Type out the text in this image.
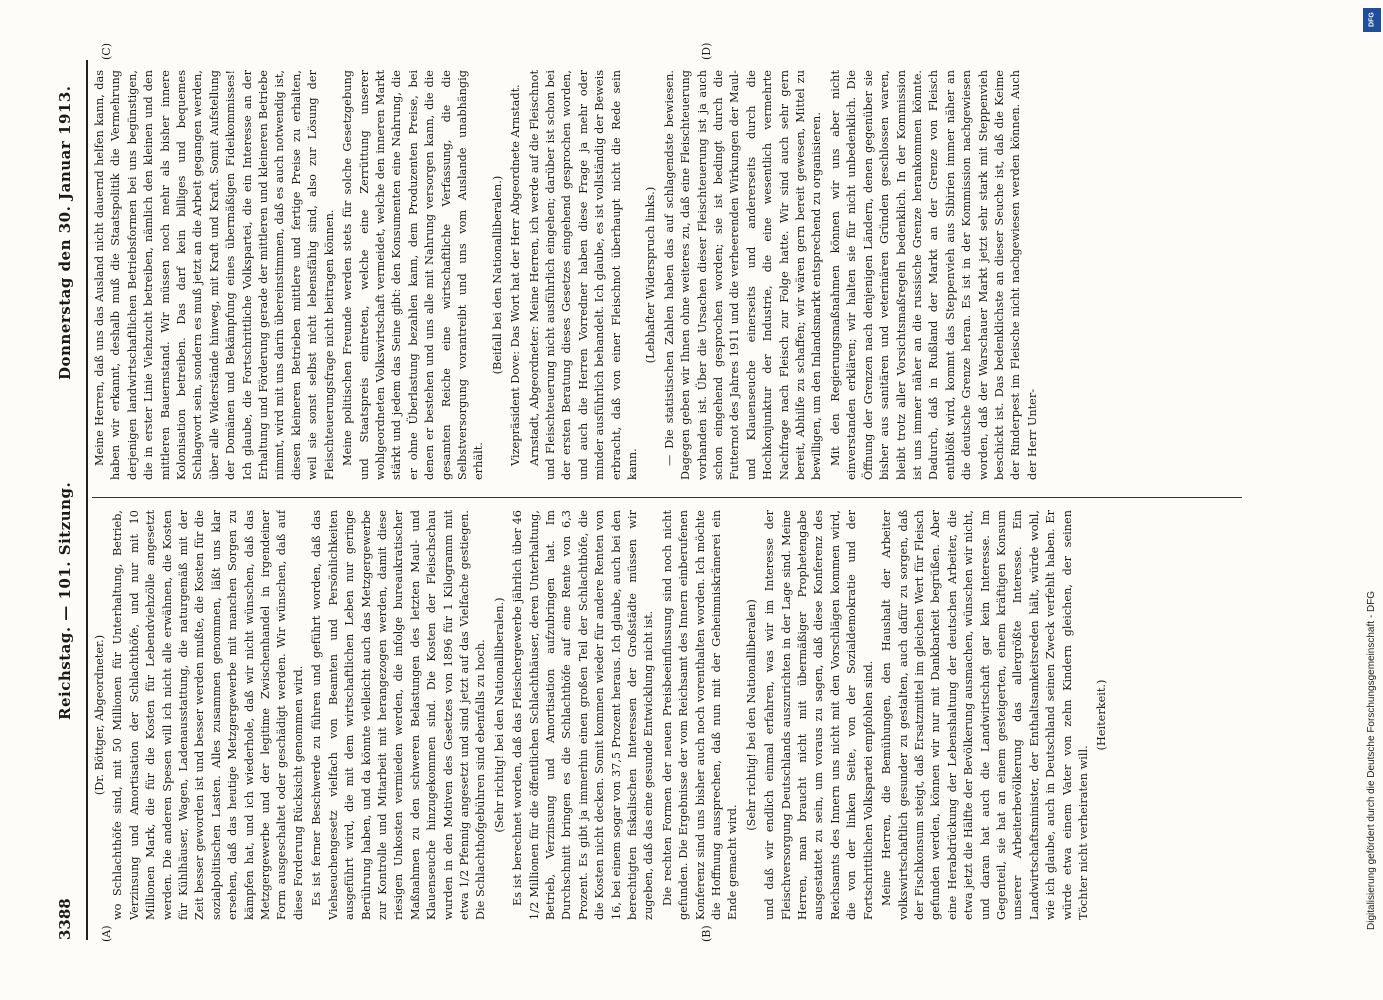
3388
Reichstag. — 101. Sitzung.
Donnerstag den 30. Januar 1913.
(A)	(B)
(C)	(D)

(Dr. Böttger, Abgeordneter.) wo Schlachthöfe sind, mit 50 Millionen für Unterhaltung, Betrieb, Verzinsung und Amortisation der Schlachthöfe, und nur mit 10 Millionen Mark, die für die Kosten für Lebendviehzölle angesetzt werden. Die anderen Spesen will ich nicht alle erwähnen, die Kosten für Kühlhäuser, Wagen, Ladenausstattung, die naturgemäß mit der Zeit besser geworden ist und besser werden mußte, die Kosten für die sozialpolitischen Lasten. Alles zusammen genommen, läßt uns klar ersehen, daß das heutige Metzgergewerbe mit manchen Sorgen zu kämpfen hat, und ich wiederhole, daß wir nicht wünschen, daß das Metzgergewerbe und der legitime Zwischenhandel in irgendeiner Form ausgeschaltet oder geschädigt werden. Wir wünschen, daß auf diese Forderung Rücksicht genommen wird. Es ist ferner Beschwerde zu führen und geführt worden, daß das Viehseuchengesetz vielfach von Beamten und Persönlichkeiten ausgeführt wird, die mit dem wirtschaftlichen Leben nur geringe Berührung haben, und da könnte vielleicht auch das Metzgergewerbe zur Kontrolle und Mitarbeit mit herangezogen werden, damit diese riesigen Unkosten vermieden werden, die infolge bureaukratischer Maßnahmen zu den schweren Belastungen des letzten Maul- und Klauenseuche hinzugekommen sind. Die Kosten der Fleischschau wurden in den Motiven des Gesetzes von 1896 für 1 Kilogramm mit etwa 1/2 Pfennig angesetzt und sind jetzt auf das Vielfache gestiegen. Die Schlachthofgebühren sind ebenfalls zu hoch. (Sehr richtig! bei den Nationalliberalen.) Es ist berechnet worden, daß das Fleischergewerbe jährlich über 46 1/2 Millionen für die öffentlichen Schlachthäuser, deren Unterhaltung, Betrieb, Verzinsung und Amortisation aufzubringen hat. Im Durchschnitt bringen es die Schlachthöfe auf eine Rente von 6,3 Prozent. Es gibt ja immerhin einen großen Teil der Schlachthöfe, die die Kosten nicht decken. Somit kommen wieder für andere Renten von 16, bei einem sogar von 37,5 Prozent heraus. Ich glaube, auch bei den berechtigten fiskalischen Interessen der Großstädte müssen wir zugeben, daß das eine gesunde Entwicklung nicht ist. Die rechten Formen der neuen Preisbeeinflussung sind noch nicht gefunden. Die Ergebnisse der vom Reichsamt des Innern einberufenen Konferenz sind uns bisher auch noch vorenthalten worden. Ich möchte die Hoffnung aussprechen, daß nun mit der Geheimniskrämerei ein Ende gemacht wird.

(Sehr richtig! bei den Nationalliberalen) und daß wir endlich einmal erfahren, was wir im Interesse der Fleischversorgung Deutschlands auszurichten in der Lage sind. Meine Herren, man braucht nicht mit übermäßiger Prophetengabe ausgestattet zu sein, um voraus zu sagen, daß diese Konferenz des Reichsamts des Innern uns nicht mit den Vorschlägen kommen wird, die von der linken Seite, von der Sozialdemokratie und der Fortschrittlichen Volkspartei empfohlen sind. Meine Herren, die Bemühungen, den Haushalt der Arbeiter volkswirtschaftlich gesunder zu gestalten, auch dafür zu sorgen, daß der Fischkonsum steigt, daß Ersatzmittel im gleichen Wert für Fleisch gefunden werden, können wir nur mit Dankbarkeit begrüßen. Aber eine Herabdrückung der Lebenshaltung der deutschen Arbeiter, die etwa jetzt die Hälfte der Bevölkerung ausmachen, wünschen wir nicht, und daran hat auch die Landwirtschaft gar kein Interesse. Im Gegenteil, sie hat an einem gesteigerten, einem kräftigen Konsum unserer Arbeiterbevölkerung das allergrößte Interesse. Ein Landwirtschaftsminister, der Enthaltsamkeitsreden hält, würde wohl, wie ich glaube, auch in Deutschland seinen Zweck verfehlt haben. Er würde etwa einem Vater von zehn Kindern gleichen, der seinen Töchter nicht verheiraten will.

(Heiterkeit.)

Meine Herren, daß uns das Ausland nicht dauernd helfen kann, das haben wir erkannt, deshalb muß die Staatspolitik die Vermehrung derjenigen landwirtschaftlichen Betriebsformen bei uns begünstigen, die in erster Linie Viehzucht betreiben, nämlich den kleinen und den mittleren Bauernstand. Wir müssen noch mehr als bisher innere Kolonisation betreiben. Das darf kein billiges und bequemes Schlagwort sein, sondern es muß jetzt an die Arbeit gegangen werden, über alle Widerstände hinweg, mit Kraft und Kraft. Somit Aufstellung der Domänen und Bekämpfung eines übermäßigen Fideikommisses! Ich glaube, die Fortschrittliche Volkspartei, die ein Interesse an der Erhaltung und Förderung gerade der mittleren und kleineren Betriebe nimmt, wird mit uns darin übereinstimmen, daß es auch notwendig ist, diesen kleineren Betrieben mittlere und fertige Preise zu erhalten, weil sie sonst selbst nicht lebensfähig sind, also zur Lösung der Fleischteuerungsfrage nicht beitragen können. Meine politischen Freunde werden stets für solche Gesetzgebung und Staatspreis eintreten, welche eine Zerrüttung unserer wohlgeordneten Volkswirtschaft vermeidet, welche den inneren Markt stärkt und jedem das Seine gibt: den Konsumenten eine Nahrung, die er ohne Überlastung bezahlen kann, dem Produzenten Preise, bei denen er bestehen und uns alle mit Nahrung versorgen kann, die die gesamten Reiche eine wirtschaftliche Verfassung, die die Selbstversorgung vorantreibt und uns vom Auslande unabhängig erhält.

(Beifall bei den Nationalliberalen.) Vizepräsident Dove: Das Wort hat der Herr Abgeordnete Arnstadt. Arnstadt, Abgeordneter: Meine Herren, ich werde auf die Fleischnot und Fleischteuerung nicht ausführlich eingehen; darüber ist schon bei der ersten Beratung dieses Gesetzes eingehend gesprochen worden, und auch die Herren Vorredner haben diese Frage ja mehr oder minder ausführlich behandelt. Ich glaube, es ist vollständig der Beweis erbracht, daß von einer Fleischnot überhaupt nicht die Rede sein kann.

(Lebhafter Widerspruch links.) — Die statistischen Zahlen haben das auf schlagendste bewiesen. Dagegen geben wir Ihnen ohne weiteres zu, daß eine Fleischteuerung vorhanden ist. Über die Ursachen dieser Fleischteuerung ist ja auch schon eingehend gesprochen worden; sie ist bedingt durch die Futternot des Jahres 1911 und die verheerenden Wirkungen der Maul- und Klauenseuche einerseits und andererseits durch die Hochkonjunktur der Industrie, die eine wesentlich vermehrte Nachfrage nach Fleisch zur Folge hatte. Wir sind auch sehr gern bereit, Abhilfe zu schaffen; wir wären gern bereit gewesen, Mittel zu bewilligen, um den Inlandsmarkt entsprechend zu organisieren. Mit den Regierungsmaßnahmen können wir uns aber nicht einverstanden erklären; wir halten sie für nicht unbedenklich. Die Öffnung der Grenzen nach denjenigen Ländern, denen gegenüber sie bisher aus sanitären und veterinären Gründen geschlossen waren, bleibt trotz aller Vorsichtsmaßregeln bedenklich. In der Kommission ist uns immer näher an die russische Grenze herankommen könnte. Dadurch, daß in Rußland der Markt an der Grenze von Fleisch entblößt wird, kommt das Steppenvieh aus Sibirien immer näher an die deutsche Grenze heran. Es ist in der Kommission nachgewiesen worden, daß der Warschauer Markt jetzt sehr stark mit Steppenvieh beschickt ist. Das bedenklichste an dieser Seuche ist, daß die Keime der Rinderpest im Fleische nicht nachgewiesen werden können. Auch der Herr Unter-

Digitalisierung gefördert durch die Deutsche Forschungsgemeinschaft - DFG
DFG
